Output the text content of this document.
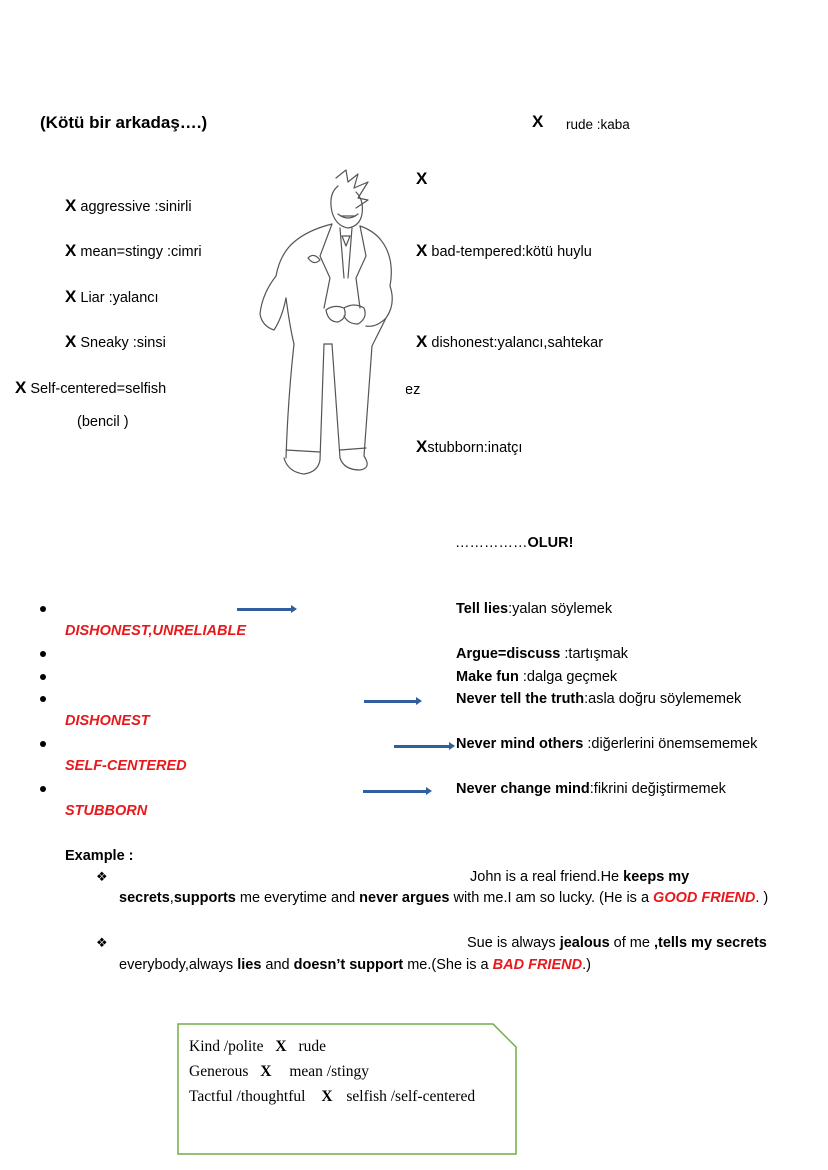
(Kötü bir arkadaş….)	X rude :kaba
X
X aggressive :sinirli
X mean=stingy :cimri
X Liar :yalancı
X Sneaky :sinsi
X Self-centered=selfish
(bencil )
X bad-tempered:kötü huylu
X dishonest:yalancı,sahtekar
ez
Xstubborn:inatçı
……………OLUR!
Tell lies:yalan söylemek
DISHONEST,UNRELIABLE
Argue=discuss :tartışmak
Make fun :dalga geçmek
Never tell the truth:asla doğru söylememek
DISHONEST
Never mind others :diğerlerini önemsememek
SELF-CENTERED
Never change mind:fikrini değiştirmemek
STUBBORN
Example :
❖	John is a real friend.He keeps my
secrets,supports me everytime and never argues with me.I am so lucky. (He is a GOOD FRIEND. )
❖	Sue is always jealous of me ,tells my secrets
everybody,always lies and doesn’t support me.(She is a BAD FRIEND.)
Kind /polite X rude
Generous X mean /stingy
Tactful /thoughtful X selfish /self-centered
